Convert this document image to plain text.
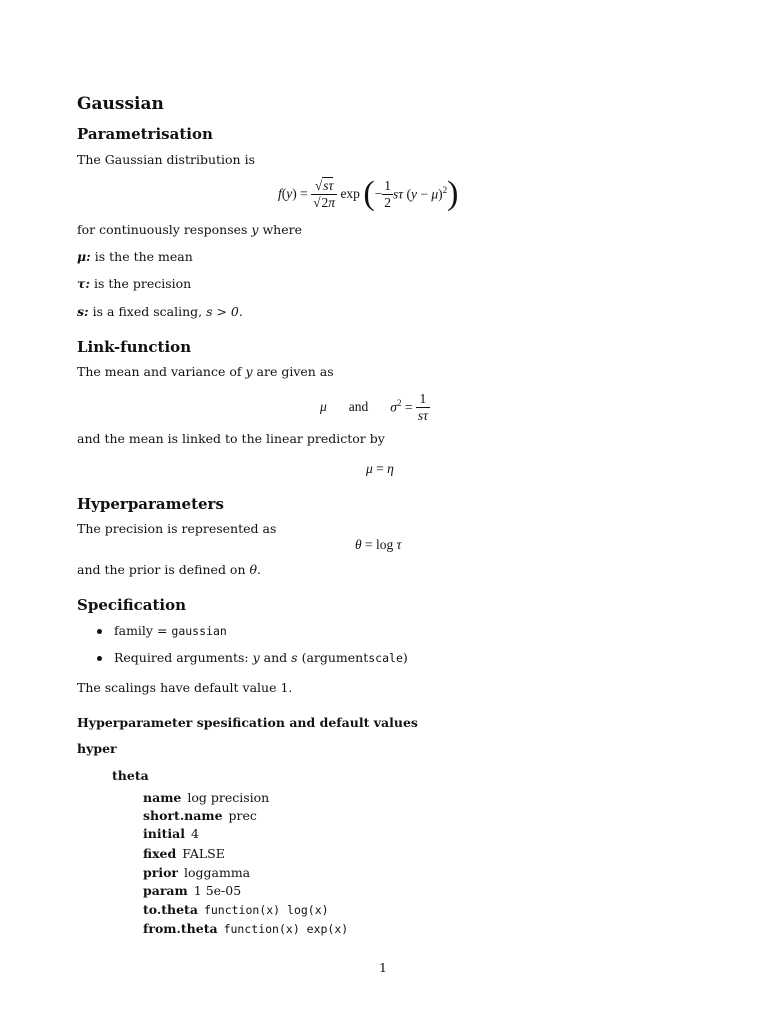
Gaussian
Parametrisation
The Gaussian distribution is
$f(y) = \frac{√s\tau}{√2\pi}$ exp ( − $\frac{1}{2}$ sτ $(y - \mu)^2$ )
for continuously responses y where
μ: is the the mean
τ: is the precision
s: is a fixed scaling, s > 0.
Link-function
The mean and variance of y are given as
μ and $\sigma^2 = \frac{1}{s\tau}$
and the mean is linked to the linear predictor by
μ = η
Hyperparameters
The precision is represented as
θ = log τ
and the prior is defined on θ.
Specification
family = gaussian
Required arguments: y and s (argumentscale)
The scalings have default value 1.
Hyperparameter spesification and default values
hyper
theta
name log precision
short.name prec
initial 4
fixed FALSE
prior loggamma
param 1 5e-05
to.theta function(x) log(x)
from.theta function(x) exp(x)
1
